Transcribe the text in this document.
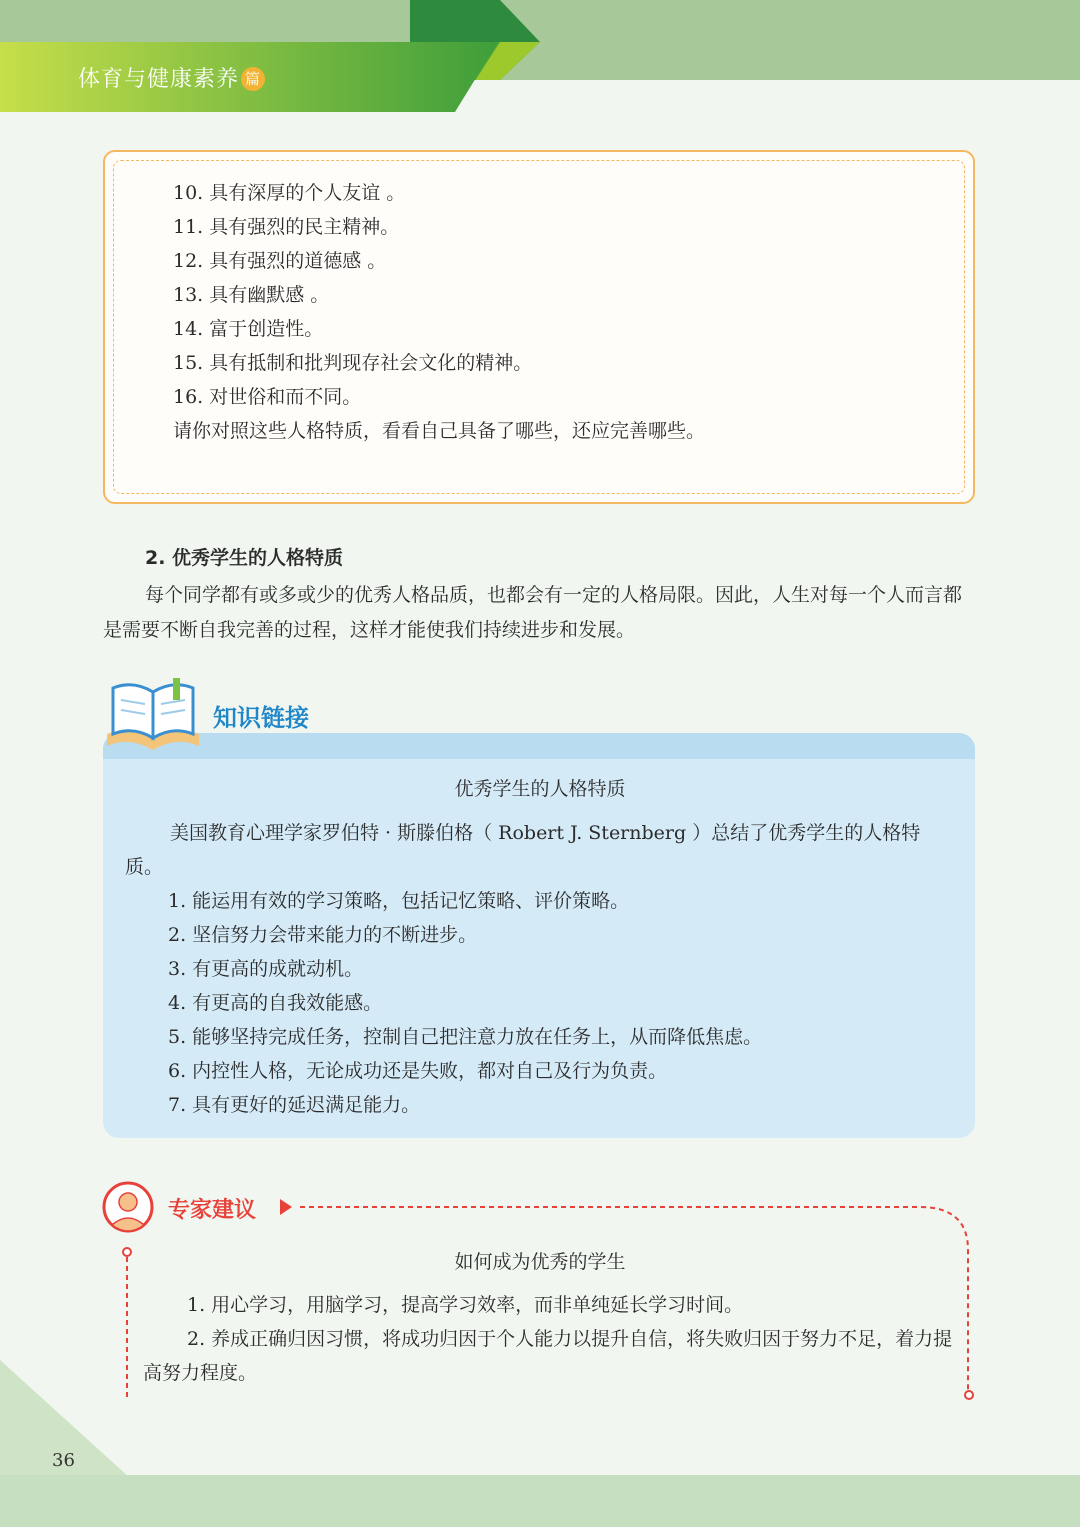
体育与健康素养 篇
10. 具有深厚的个人友谊 。
11. 具有强烈的民主精神。
12. 具有强烈的道德感 。
13. 具有幽默感 。
14. 富于创造性。
15. 具有抵制和批判现存社会文化的精神。
16. 对世俗和而不同。
请你对照这些人格特质，看看自己具备了哪些，还应完善哪些。
2. 优秀学生的人格特质

每个同学都有或多或少的优秀人格品质，也都会有一定的人格局限。因此，人生对每一个人而言都是需要不断自我完善的过程，这样才能使我们持续进步和发展。

知识链接
优秀学生的人格特质

美国教育心理学家罗伯特 · 斯滕伯格（ Robert J. Sternberg ）总结了优秀学生的人格特质。

1. 能运用有效的学习策略，包括记忆策略、评价策略。
2. 坚信努力会带来能力的不断进步。
3. 有更高的成就动机。
4. 有更高的自我效能感。
5. 能够坚持完成任务，控制自己把注意力放在任务上，从而降低焦虑。
6. 内控性人格，无论成功还是失败，都对自己及行为负责。
7. 具有更好的延迟满足能力。
专家建议
如何成为优秀的学生

1. 用心学习，用脑学习，提高学习效率，而非单纯延长学习时间。

2. 养成正确归因习惯，将成功归因于个人能力以提升自信，将失败归因于努力不足，着力提高努力程度。

36
